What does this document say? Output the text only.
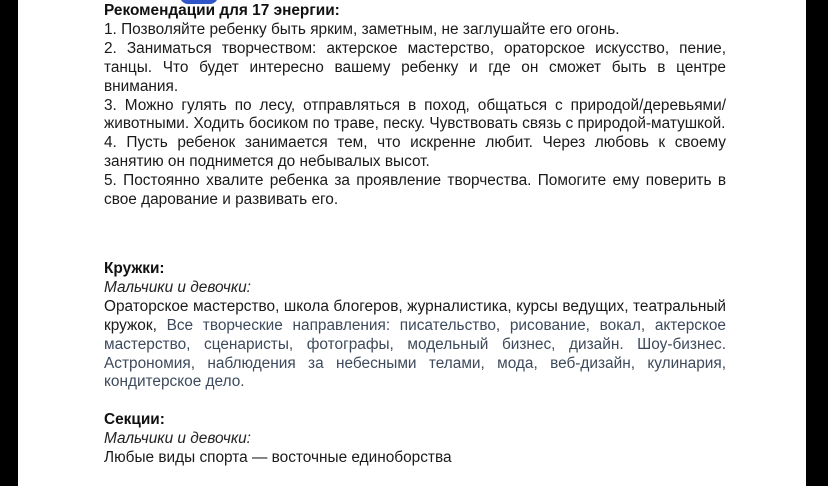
Рекомендации для 17 энергии:

1. Позволяйте ребенку быть ярким, заметным, не заглушайте его огонь.

2. Заниматься творчеством: актерское мастерство, ораторское искусство, пение, танцы. Что будет интересно вашему ребенку и где он сможет быть в центре внимания.

3. Можно гулять по лесу, отправляться в поход, общаться с природой/деревьями/животными. Ходить босиком по траве, песку. Чувствовать связь с природой-матушкой.

4. Пусть ребенок занимается тем, что искренне любит. Через любовь к своему занятию он поднимется до небывалых высот.

5. Постоянно хвалите ребенка за проявление творчества. Помогите ему поверить в свое дарование и развивать его.

Кружки:
Мальчики и девочки:

Ораторское мастерство, школа блогеров, журналистика, курсы ведущих, театральный кружок, Все творческие направления: писательство, рисование, вокал, актерское мастерство, сценаристы, фотографы, модельный бизнес, дизайн. Шоу-бизнес. Астрономия, наблюдения за небесными телами, мода, веб-дизайн, кулинария, кондитерское дело.

Секции:
Мальчики и девочки:
Любые виды спорта — восточные единоборства
